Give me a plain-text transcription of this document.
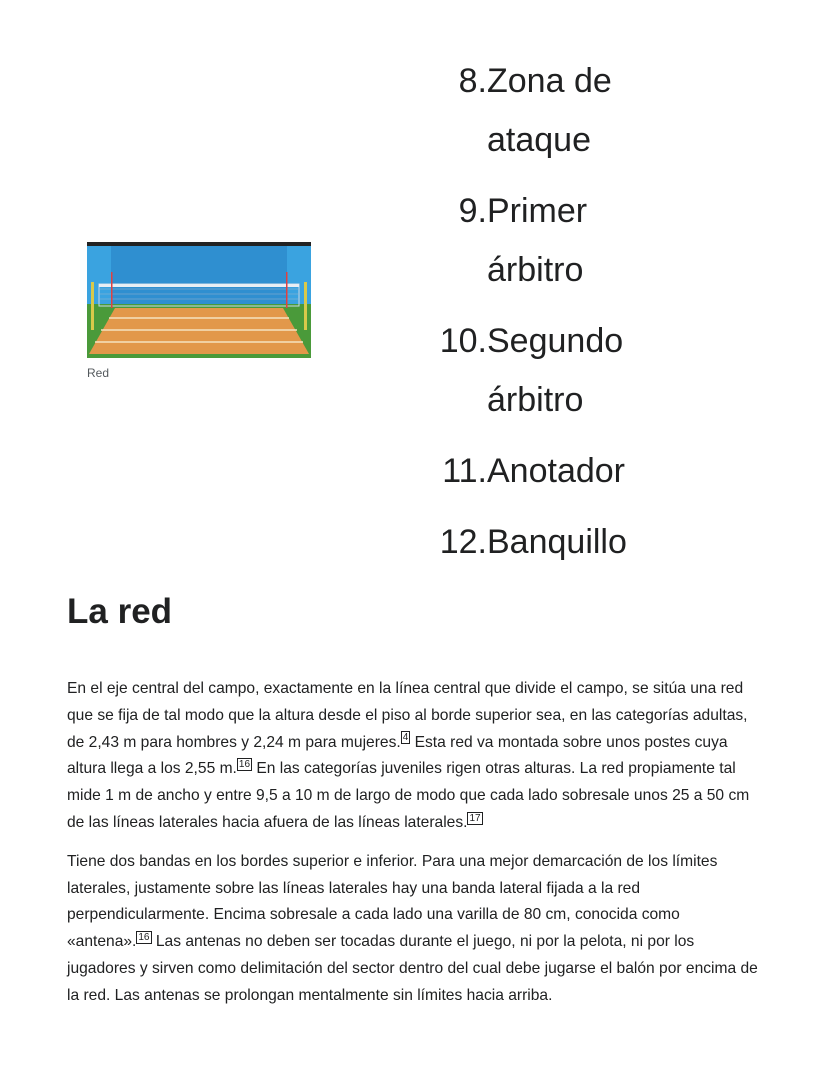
Red
8. Zona de ataque
9. Primer árbitro
10. Segundo árbitro
11. Anotador
12. Banquillo
La red

En el eje central del campo, exactamente en la línea central que divide el campo, se sitúa una red que se fija de tal modo que la altura desde el piso al borde superior sea, en las categorías adultas, de 2,43 m para hombres y 2,24 m para mujeres. $^4$ Esta red va montada sobre unos postes cuya altura llega a los 2,55 m. $^{16}$ En las categorías juveniles rigen otras alturas. La red propiamente tal mide 1 m de ancho y entre 9,5 a 10 m de largo de modo que cada lado sobresale unos 25 a 50 cm de las líneas laterales hacia afuera de las líneas laterales. $^{17}$

Tiene dos bandas en los bordes superior e inferior. Para una mejor demarcación de los límites laterales, justamente sobre las líneas laterales hay una banda lateral fijada a la red perpendicularmente. Encima sobresale a cada lado una varilla de 80 cm, conocida como «antena». $^{16}$ Las antenas no deben ser tocadas durante el juego, ni por la pelota, ni por los jugadores y sirven como delimitación del sector dentro del cual debe jugarse el balón por encima de la red. Las antenas se prolongan mentalmente sin límites hacia arriba.
